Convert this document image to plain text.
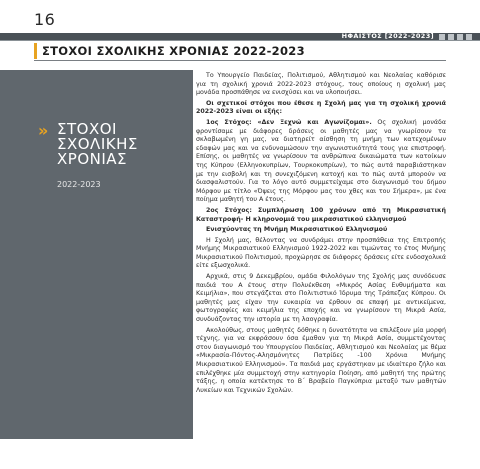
16
ΗΦΑΙΣΤΟΣ [2022-2023]
ΣΤΟΧΟΙ ΣΧΟΛΙΚΗΣ ΧΡΟΝΙΑΣ 2022-2023
» ΣΤΟΧΟΙ
ΣΧΟΛΙΚΗΣ
ΧΡΟΝΙΑΣ
2022-2023

Το Υπουργείο Παιδείας, Πολιτισμού, Αθλητισμού και Νεολαίας καθόρισε για τη σχολική χρονιά 2022-2023 στόχους, τους οποίους η σχολική μας μονάδα προσπάθησε να ενισχύσει και να υλοποιήσει.

Οι σχετικοί στόχοι που έθεσε η Σχολή μας για τη σχολική χρονιά 2022-2023 είναι οι εξής:

1ος Στόχος: «Δεν Ξεχνώ και Αγωνίζομαι». Ος σχολική μονάδα φροντίσαμε με διάφορες δράσεις οι μαθητές μας να γνωρίσουν τα σκλαβωμένη γη μας, να διατηρείτ αίσθηση τη μνήμη των κατεχομένων εδαφών μας και να ενδυναμώσουν την αγωνιστικότητά τους για επιστροφή. Επίσης, οι μαθητές να γνωρίσουν τα ανθρώπινα δικαιώματα των κατοίκων της Κύπρου (Ελληνοκυπρίων, Τουρκοκυπρίων), το πώς αυτά παραβιάστηκαν με την εισβολή και τη συνεχιζόμενη κατοχή και το πώς αυτά μπορούν να διασφαλιστούν. Για το λόγο αυτό συμμετείχαμε στο διαγωνισμό του δήμου Μόρφου με τίτλο «Όψεις της Μόρφου μας του χθες και του Σήμερα», με ένα ποίημα μαθητή του Α έτους.

2ος Στόχος: Συμπλήρωση 100 χρόνων από τη Μικρασιατική Καταστροφή- Η κληρονομιά του μικρασιατικού ελληνισμού

Ενισχύοντας τη Μνήμη Μικρασιατικού Ελληνισμού

Η Σχολή μας, θέλοντας να συνδράμει στην προσπάθεια της Επιτροπής Μνήμης Μικρασιατικού Ελληνισμού 1922-2022 και τιμώντας το έτος Μνήμης Μικρασιατικού Πολιτισμού, προχώρησε σε διάφορες δράσεις είτε ενδοσχολικά είτε εξωσχολικά.

Αρχικά, στις 9 Δεκεμβρίου, ομάδα Φιλολόγων της Σχολής μας συνόδευσε παιδιά του Α έτους στην Πολυέκθεση «Μικρός Ασίας Ενθυμήματα και Κειμήλια», που στεγάζεται στο Πολιτιστικό Ίδρυμα της Τράπεζας Κύπρου. Οι μαθητές μας είχαν την ευκαιρία να έρθουν σε επαφή με αντικείμενα, φωτογραφίες και κειμήλια της εποχής και να γνωρίσουν τη Μικρά Ασία, συνδυάζοντας την ιστορία με τη λαογραφία.

Ακολούθως, στους μαθητές δόθηκε η δυνατότητα να επιλέξουν μία μορφή τέχνης, για να εκφράσουν όσα έμαθαν για τη Μικρά Ασία, συμμετέχοντας στον διαγωνισμό του Υπουργείου Παιδείας, Αθλητισμού και Νεολαίας με θέμα «Μικρασία-Πόντος-Αλησμόνητες Πατρίδες -100 Χρόνια Μνήμης Μικρασιατικού Ελληνισμού». Τα παιδιά μας εργάστηκαν με ιδιαίτερο ζήλο και επιλέχθηκε μία συμμετοχή στην κατηγορία Ποίηση, από μαθητή της πρώτης τάξης, η οποία κατέκτησε το Β΄ Βραβείο Παγκύπρια μεταξύ των μαθητών Λυκείων και Τεχνικών Σχολών.
